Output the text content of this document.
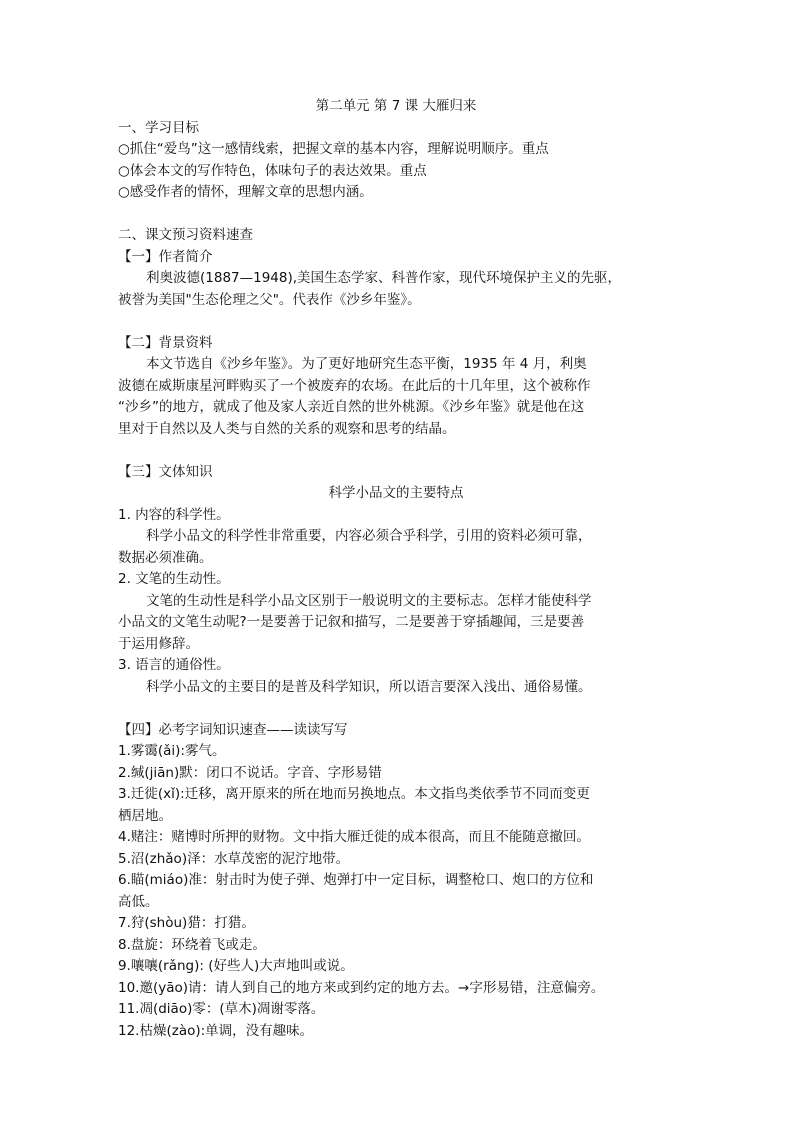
第二单元 第 7 课 大雁归来

一、学习目标

○抓住“爱鸟”这一感情线索，把握文章的基本内容，理解说明顺序。重点

○体会本文的写作特色，体味句子的表达效果。重点

○感受作者的情怀，理解文章的思想内涵。

二、课文预习资料速查

【一】作者简介

利奥波德(1887—1948),美国生态学家、科普作家，现代环境保护主义的先驱，

被誉为美国"生态伦理之父"。代表作《沙乡年鉴》。

【二】背景资料

本文节选自《沙乡年鉴》。为了更好地研究生态平衡，1935 年 4 月，利奥

波德在威斯康星河畔购买了一个被废弃的农场。在此后的十几年里，这个被称作

“沙乡”的地方，就成了他及家人亲近自然的世外桃源。《沙乡年鉴》就是他在这

里对于自然以及人类与自然的关系的观察和思考的结晶。

【三】文体知识

科学小品文的主要特点

1. 内容的科学性。

科学小品文的科学性非常重要，内容必须合乎科学，引用的资料必须可靠，

数据必须准确。

2. 文笔的生动性。

文笔的生动性是科学小品文区别于一般说明文的主要标志。怎样才能使科学

小品文的文笔生动呢?一是要善于记叙和描写，二是要善于穿插趣闻，三是要善

于运用修辞。

3. 语言的通俗性。

科学小品文的主要目的是普及科学知识，所以语言要深入浅出、通俗易懂。

【四】必考字词知识速查——读读写写

1.雾霭(ǎi):雾气。

2.缄(jiān)默：闭口不说话。字音、字形易错

3.迁徙(xǐ):迁移，离开原来的所在地而另换地点。本文指鸟类依季节不同而变更

栖居地。

4.赌注：赌博时所押的财物。文中指大雁迁徙的成本很高，而且不能随意撤回。

5.沼(zhǎo)泽：水草茂密的泥泞地带。

6.瞄(miáo)准：射击时为使子弹、炮弹打中一定目标，调整枪口、炮口的方位和

高低。

7.狩(shòu)猎：打猎。

8.盘旋：环绕着飞或走。

9.嚷嚷(rǎng): (好些人)大声地叫或说。

10.邀(yāo)请：请人到自己的地方来或到约定的地方去。→字形易错，注意偏旁。

11.凋(diāo)零：(草木)凋谢零落。

12.枯燥(zào):单调，没有趣味。
